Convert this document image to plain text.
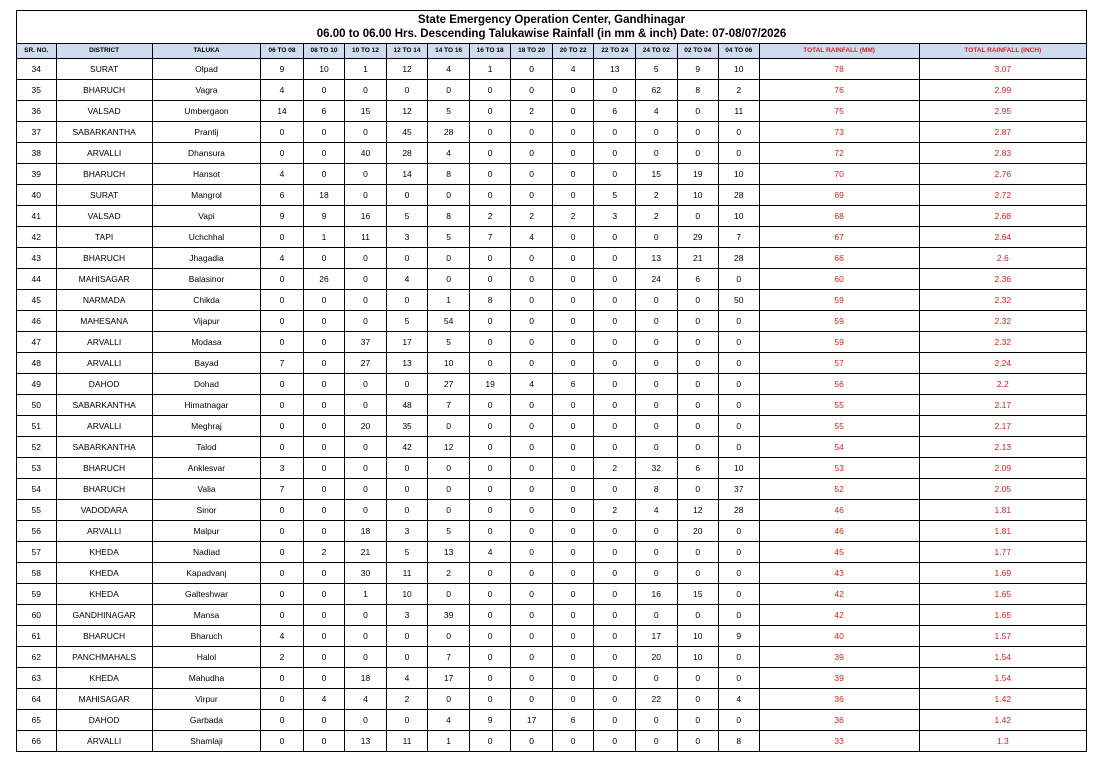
State Emergency Operation Center, Gandhinagar
06.00 to 06.00 Hrs. Descending Talukawise Rainfall (in mm & inch) Date: 07-08/07/2026
SR. NO.	DISTRICT	TALUKA	06 TO 08	08 TO 10	10 TO 12	12 TO 14	14 TO 16	16 TO 18	18 TO 20	20 TO 22	22 TO 24	24 TO 02	02 TO 04	04 TO 06	TOTAL RAINFALL (MM)	TOTAL RAINFALL (INCH)
34	SURAT	Olpad	9	10	1	12	4	1	0	4	13	5	9	10	78	3.07
35	BHARUCH	Vagra	4	0	0	0	0	0	0	0	0	62	8	2	76	2.99
36	VALSAD	Umbergaon	14	6	15	12	5	0	2	0	6	4	0	11	75	2.95
37	SABARKANTHA	Prantij	0	0	0	45	28	0	0	0	0	0	0	0	73	2.87
38	ARVALLI	Dhansura	0	0	40	28	4	0	0	0	0	0	0	0	72	2.83
39	BHARUCH	Hansot	4	0	0	14	8	0	0	0	0	15	19	10	70	2.76
40	SURAT	Mangrol	6	18	0	0	0	0	0	0	5	2	10	28	69	2.72
41	VALSAD	Vapi	9	9	16	5	8	2	2	2	3	2	0	10	68	2.68
42	TAPI	Uchchhal	0	1	11	3	5	7	4	0	0	0	29	7	67	2.64
43	BHARUCH	Jhagadia	4	0	0	0	0	0	0	0	0	13	21	28	66	2.6
44	MAHISAGAR	Balasinor	0	26	0	4	0	0	0	0	0	24	6	0	60	2.36
45	NARMADA	Chikda	0	0	0	0	1	8	0	0	0	0	0	50	59	2.32
46	MAHESANA	Vijapur	0	0	0	5	54	0	0	0	0	0	0	0	59	2.32
47	ARVALLI	Modasa	0	0	37	17	5	0	0	0	0	0	0	0	59	2.32
48	ARVALLI	Bayad	7	0	27	13	10	0	0	0	0	0	0	0	57	2.24
49	DAHOD	Dohad	0	0	0	0	27	19	4	6	0	0	0	0	56	2.2
50	SABARKANTHA	Himatnagar	0	0	0	48	7	0	0	0	0	0	0	0	55	2.17
51	ARVALLI	Meghraj	0	0	20	35	0	0	0	0	0	0	0	0	55	2.17
52	SABARKANTHA	Talod	0	0	0	42	12	0	0	0	0	0	0	0	54	2.13
53	BHARUCH	Anklesvar	3	0	0	0	0	0	0	0	2	32	6	10	53	2.09
54	BHARUCH	Valia	7	0	0	0	0	0	0	0	0	8	0	37	52	2.05
55	VADODARA	Sinor	0	0	0	0	0	0	0	0	2	4	12	28	46	1.81
56	ARVALLI	Malpur	0	0	18	3	5	0	0	0	0	0	20	0	46	1.81
57	KHEDA	Nadiad	0	2	21	5	13	4	0	0	0	0	0	0	45	1.77
58	KHEDA	Kapadvanj	0	0	30	11	2	0	0	0	0	0	0	0	43	1.69
59	KHEDA	Galteshwar	0	0	1	10	0	0	0	0	0	16	15	0	42	1.65
60	GANDHINAGAR	Mansa	0	0	0	3	39	0	0	0	0	0	0	0	42	1.65
61	BHARUCH	Bharuch	4	0	0	0	0	0	0	0	0	17	10	9	40	1.57
62	PANCHMAHALS	Halol	2	0	0	0	7	0	0	0	0	20	10	0	39	1.54
63	KHEDA	Mahudha	0	0	18	4	17	0	0	0	0	0	0	0	39	1.54
64	MAHISAGAR	Virpur	0	4	4	2	0	0	0	0	0	22	0	4	36	1.42
65	DAHOD	Garbada	0	0	0	0	4	9	17	6	0	0	0	0	36	1.42
66	ARVALLI	Shamlaji	0	0	13	11	1	0	0	0	0	0	0	8	33	1.3
